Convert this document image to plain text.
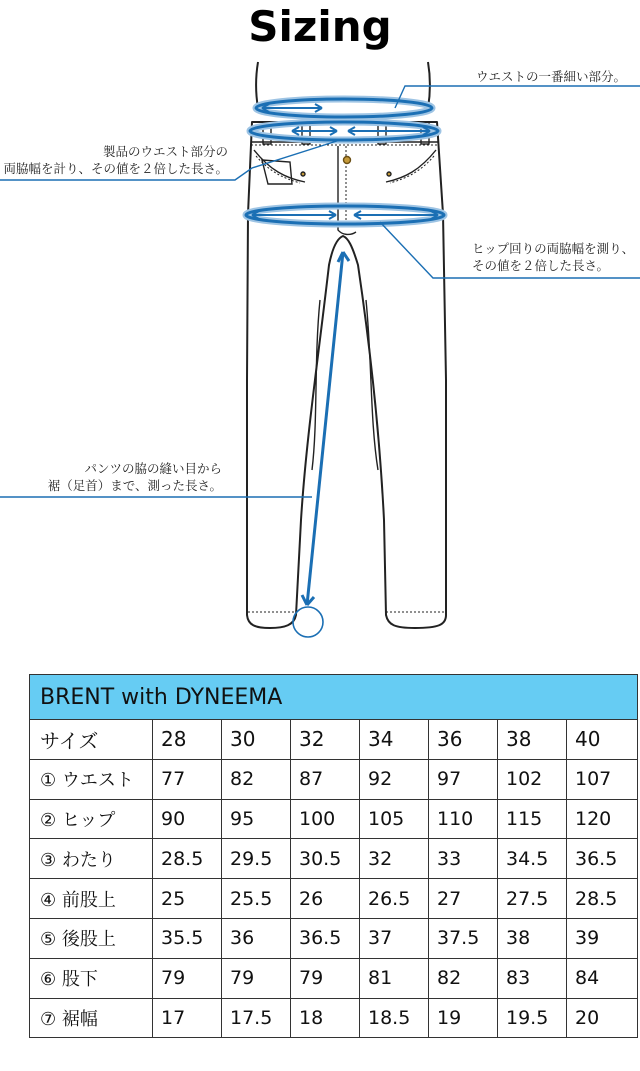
Sizing
ウエストの一番細い部分。
製品のウエスト部分の
両脇幅を計り、その値を２倍した長さ。
ヒップ回りの両脇幅を測り、
その値を２倍した長さ。
パンツの脇の縫い目から
裾（足首）まで、測った長さ。
BRENT with DYNEEMA							
サイズ	28	30	32	34	36	38	40
① ウエスト	77	82	87	92	97	102	107
② ヒップ	90	95	100	105	110	115	120
③ わたり	28.5	29.5	30.5	32	33	34.5	36.5
④ 前股上	25	25.5	26	26.5	27	27.5	28.5
⑤ 後股上	35.5	36	36.5	37	37.5	38	39
⑥ 股下	79	79	79	81	82	83	84
⑦ 裾幅	17	17.5	18	18.5	19	19.5	20
